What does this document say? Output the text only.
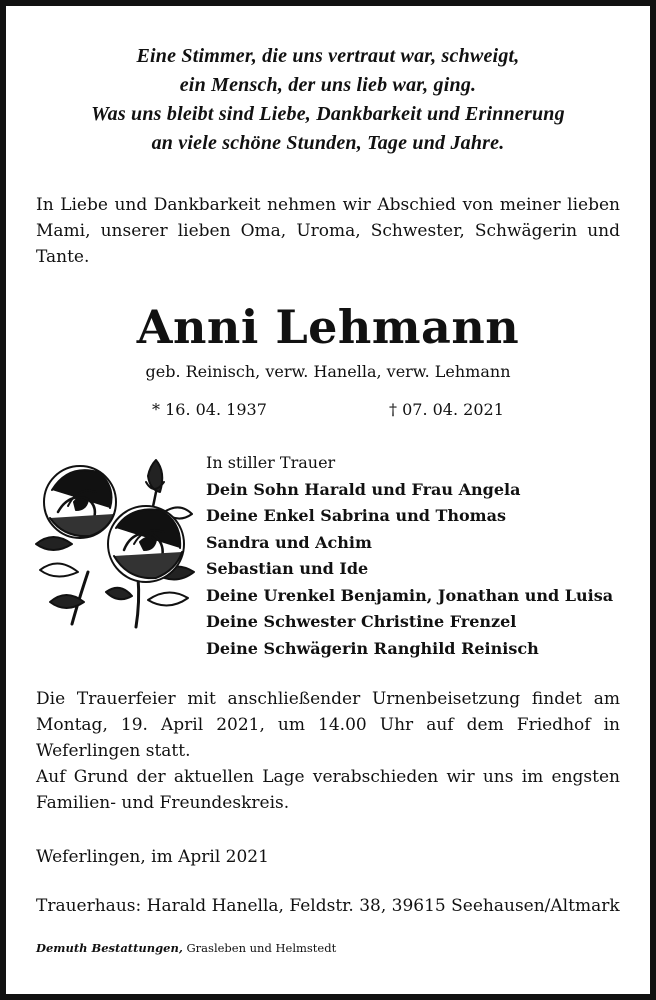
Eine Stimmer, die uns vertraut war, schweigt,
ein Mensch, der uns lieb war, ging.
Was uns bleibt sind Liebe, Dankbarkeit und Erinnerung
an viele schöne Stunden, Tage und Jahre.
In Liebe und Dankbarkeit nehmen wir Abschied von meiner lieben Mami, unserer lieben Oma, Uroma, Schwester, Schwägerin und Tante.
Anni Lehmann
geb. Reinisch, verw. Hanella, verw. Lehmann
* 16. 04. 1937	† 07. 04. 2021
In stiller Trauer
Dein Sohn Harald und Frau Angela
Deine Enkel Sabrina und Thomas
Sandra und Achim
Sebastian und Ide
Deine Urenkel Benjamin, Jonathan und Luisa
Deine Schwester Christine Frenzel
Deine Schwägerin Ranghild Reinisch

Die Trauerfeier mit anschließender Urnenbeisetzung findet am Montag, 19. April 2021, um 14.00 Uhr auf dem Friedhof in Weferlingen statt.

Auf Grund der aktuellen Lage verabschieden wir uns im engsten Familien- und Freundeskreis.

Weferlingen, im April 2021
Trauerhaus: Harald Hanella, Feldstr. 38, 39615 Seehausen/Altmark
Demuth Bestattungen, Grasleben und Helmstedt
